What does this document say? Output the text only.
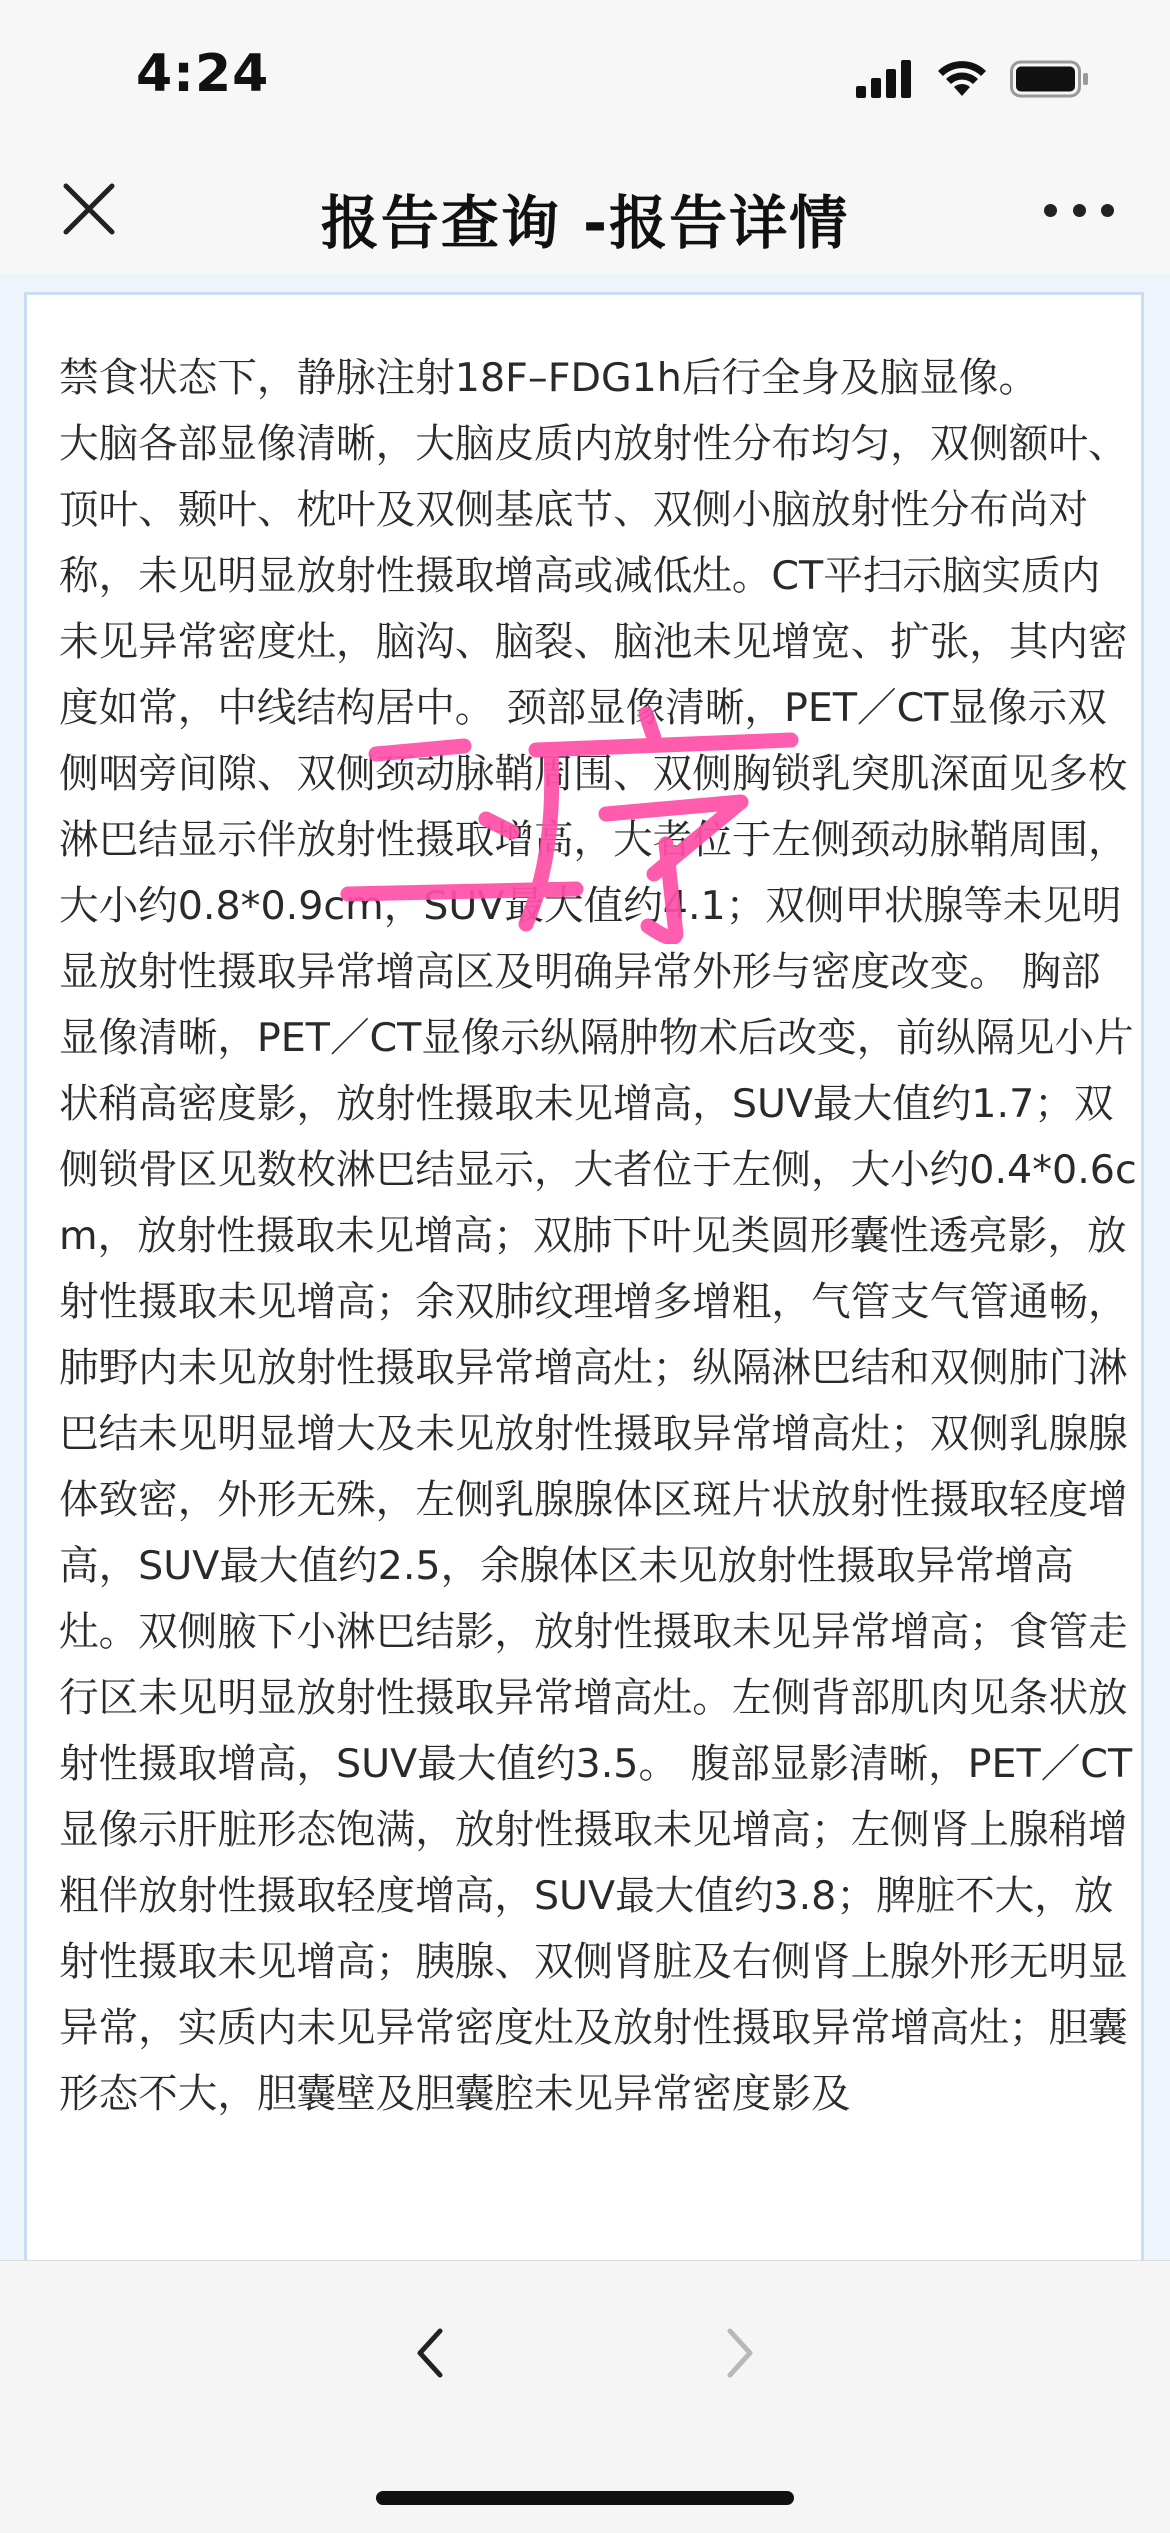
4:24
报告查询 -报告详情

禁食状态下，静脉注射18F–FDG1h后行全身及脑显像。
大脑各部显像清晰，大脑皮质内放射性分布均匀，双侧额叶、顶叶、颞叶、枕叶及双侧基底节、双侧小脑放射性分布尚对称，未见明显放射性摄取增高或减低灶。CT平扫示脑实质内未见异常密度灶，脑沟、脑裂、脑池未见增宽、扩张，其内密度如常，中线结构居中。 颈部显像清晰，PET／CT显像示双侧咽旁间隙、双侧颈动脉鞘周围、双侧胸锁乳突肌深面见多枚淋巴结显示伴放射性摄取增高，大者位于左侧颈动脉鞘周围，大小约0.8*0.9cm，SUV最大值约4.1；双侧甲状腺等未见明显放射性摄取异常增高区及明确异常外形与密度改变。 胸部显像清晰，PET／CT显像示纵隔肿物术后改变，前纵隔见小片状稍高密度影，放射性摄取未见增高，SUV最大值约1.7；双侧锁骨区见数枚淋巴结显示，大者位于左侧，大小约0.4*0.6cm，放射性摄取未见增高；双肺下叶见类圆形囊性透亮影，放射性摄取未见增高；余双肺纹理增多增粗，气管支气管通畅，肺野内未见放射性摄取异常增高灶；纵隔淋巴结和双侧肺门淋巴结未见明显增大及未见放射性摄取异常增高灶；双侧乳腺腺体致密，外形无殊，左侧乳腺腺体区斑片状放射性摄取轻度增高，SUV最大值约2.5，余腺体区未见放射性摄取异常增高灶。双侧腋下小淋巴结影，放射性摄取未见异常增高；食管走行区未见明显放射性摄取异常增高灶。左侧背部肌肉见条状放射性摄取增高，SUV最大值约3.5。 腹部显影清晰，PET／CT显像示肝脏形态饱满，放射性摄取未见增高；左侧肾上腺稍增粗伴放射性摄取轻度增高，SUV最大值约3.8；脾脏不大，放射性摄取未见增高；胰腺、双侧肾脏及右侧肾上腺外形无明显异常，实质内未见异常密度灶及放射性摄取异常增高灶；胆囊形态不大，胆囊壁及胆囊腔未见异常密度影及
